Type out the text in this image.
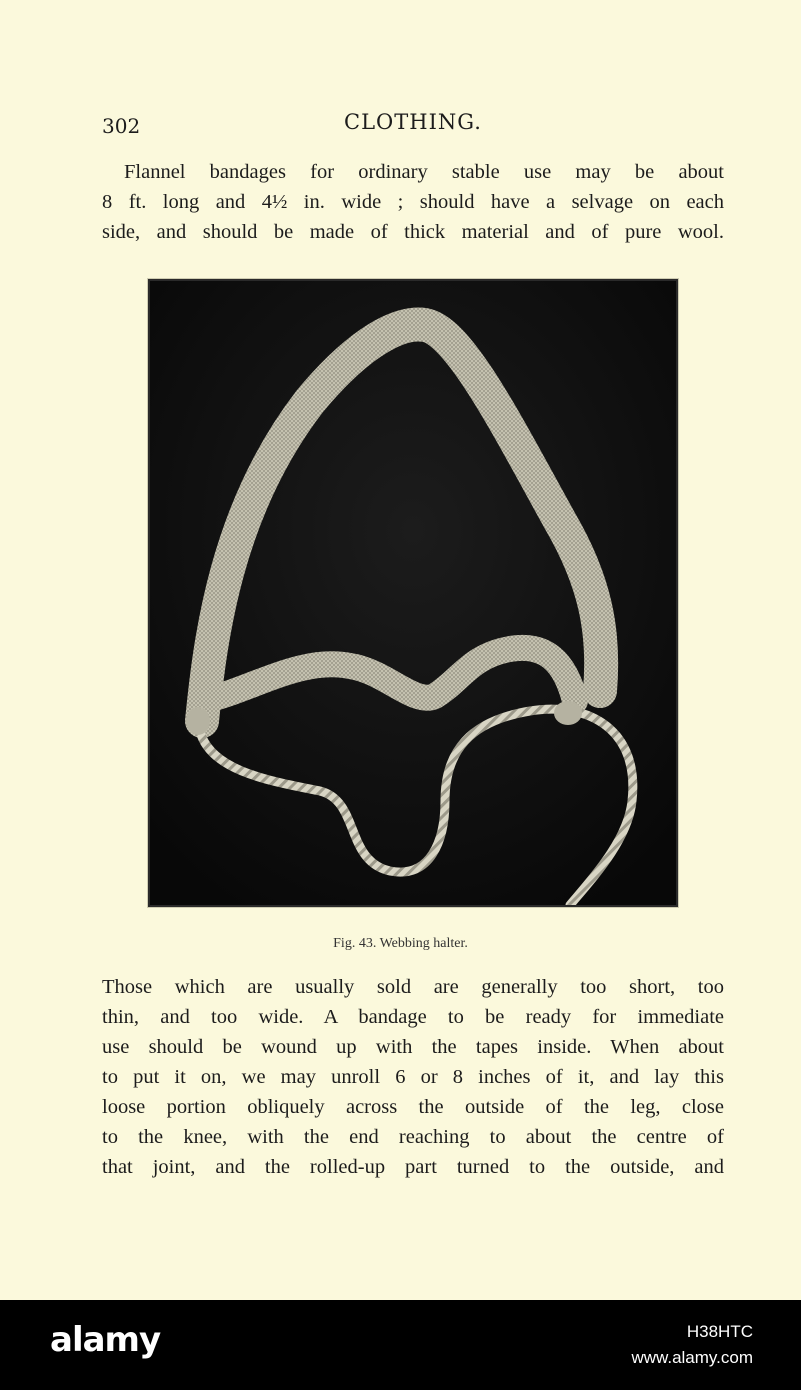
302	CLOTHING.

Flannel bandages for ordinary stable use may be about
8 ft. long and 4½ in. wide ; should have a selvage on each
side, and should be made of thick material and of pure wool.

Fig. 43. Webbing halter.

Those which are usually sold are generally too short, too
thin, and too wide. A bandage to be ready for immediate
use should be wound up with the tapes inside. When about
to put it on, we may unroll 6 or 8 inches of it, and lay this
loose portion obliquely across the outside of the leg, close
to the knee, with the end reaching to about the centre of
that joint, and the rolled-up part turned to the outside, and

alamy	H38HTC
www.alamy.com
